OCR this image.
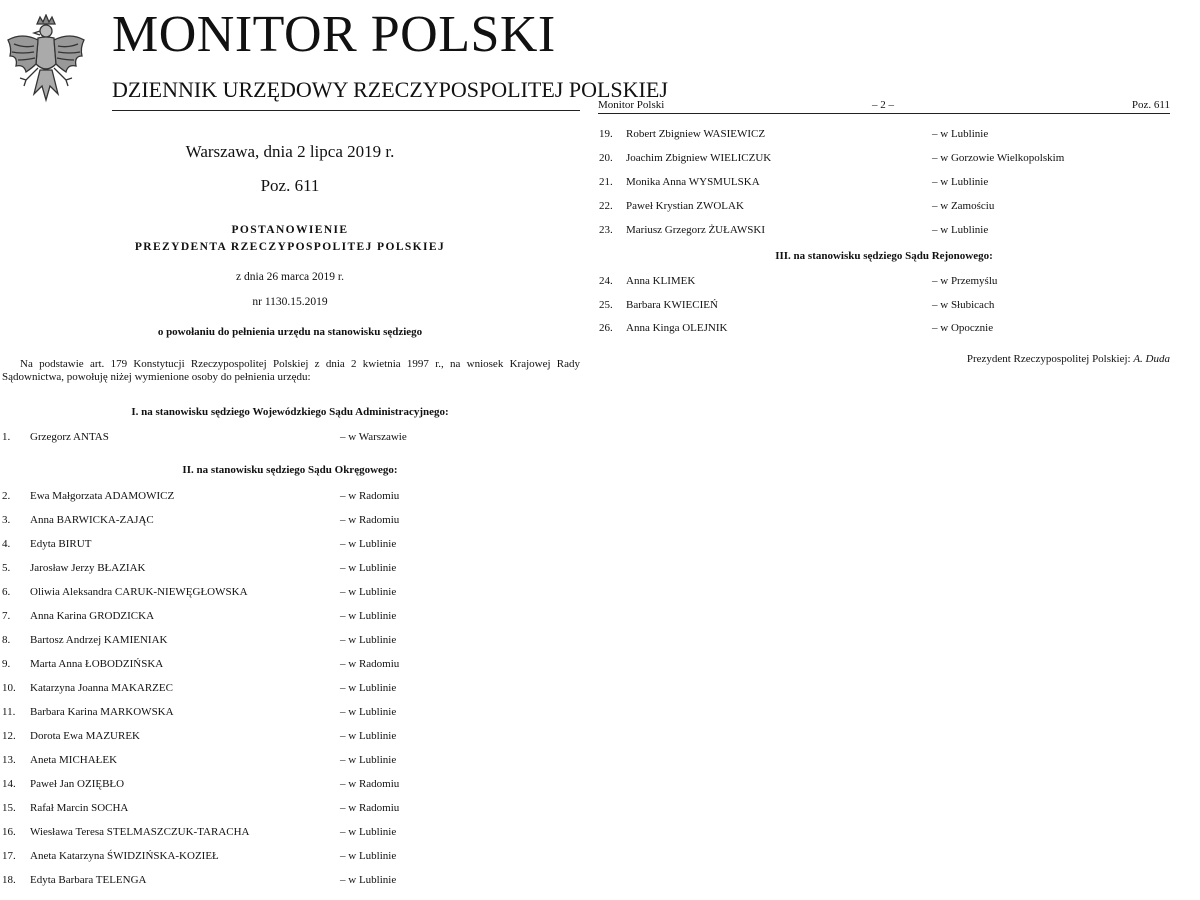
MONITOR POLSKI
DZIENNIK URZĘDOWY RZECZYPOSPOLITEJ POLSKIEJ
Warszawa, dnia 2 lipca 2019 r.
Poz. 611
POSTANOWIENIE
PREZYDENTA RZECZYPOSPOLITEJ POLSKIEJ
z dnia 26 marca 2019 r.
nr 1130.15.2019
o powołaniu do pełnienia urzędu na stanowisku sędziego
Na podstawie art. 179 Konstytucji Rzeczypospolitej Polskiej z dnia 2 kwietnia 1997 r., na wniosek Krajowej Rady Sądownictwa, powołuję niżej wymienione osoby do pełnienia urzędu:
I. na stanowisku sędziego Wojewódzkiego Sądu Administracyjnego:
1. Grzegorz ANTAS	– w Warszawie
2. Ewa Małgorzata ADAMOWICZ	– w Radomiu
3. Anna BARWICKA-ZAJĄC	– w Radomiu
4. Edyta BIRUT	– w Lublinie
5. Jarosław Jerzy BŁAZIAK	– w Lublinie
6. Oliwia Aleksandra CARUK-NIEWĘGŁOWSKA	– w Lublinie
7. Anna Karina GRODZICKA	– w Lublinie
8. Bartosz Andrzej KAMIENIAK	– w Lublinie
9. Marta Anna ŁOBODZIŃSKA	– w Radomiu
10. Katarzyna Joanna MAKARZEC	– w Lublinie
11. Barbara Karina MARKOWSKA	– w Lublinie
12. Dorota Ewa MAZUREK	– w Lublinie
13. Aneta MICHAŁEK	– w Lublinie
14. Paweł Jan OZIĘBŁO	– w Radomiu
15. Rafał Marcin SOCHA	– w Radomiu
16. Wiesława Teresa STELMASZCZUK-TARACHA	– w Lublinie
17. Aneta Katarzyna ŚWIDZIŃSKA-KOZIEŁ	– w Lublinie
18. Edyta Barbara TELENGA	– w Lublinie
II. na stanowisku sędziego Sądu Okręgowego:
Monitor Polski	– 2 –	Poz. 611
19. Robert Zbigniew WASIEWICZ	– w Lublinie
20. Joachim Zbigniew WIELICZUK	– w Gorzowie Wielkopolskim
21. Monika Anna WYSMULSKA	– w Lublinie
22. Paweł Krystian ZWOLAK	– w Zamościu
23. Mariusz Grzegorz ŻUŁAWSKI	– w Lublinie
24. Anna KLIMEK	– w Przemyślu
25. Barbara KWIECIEŃ	– w Słubicach
26. Anna Kinga OLEJNIK	– w Opocznie
III. na stanowisku sędziego Sądu Rejonowego:
Prezydent Rzeczypospolitej Polskiej: A. Duda
